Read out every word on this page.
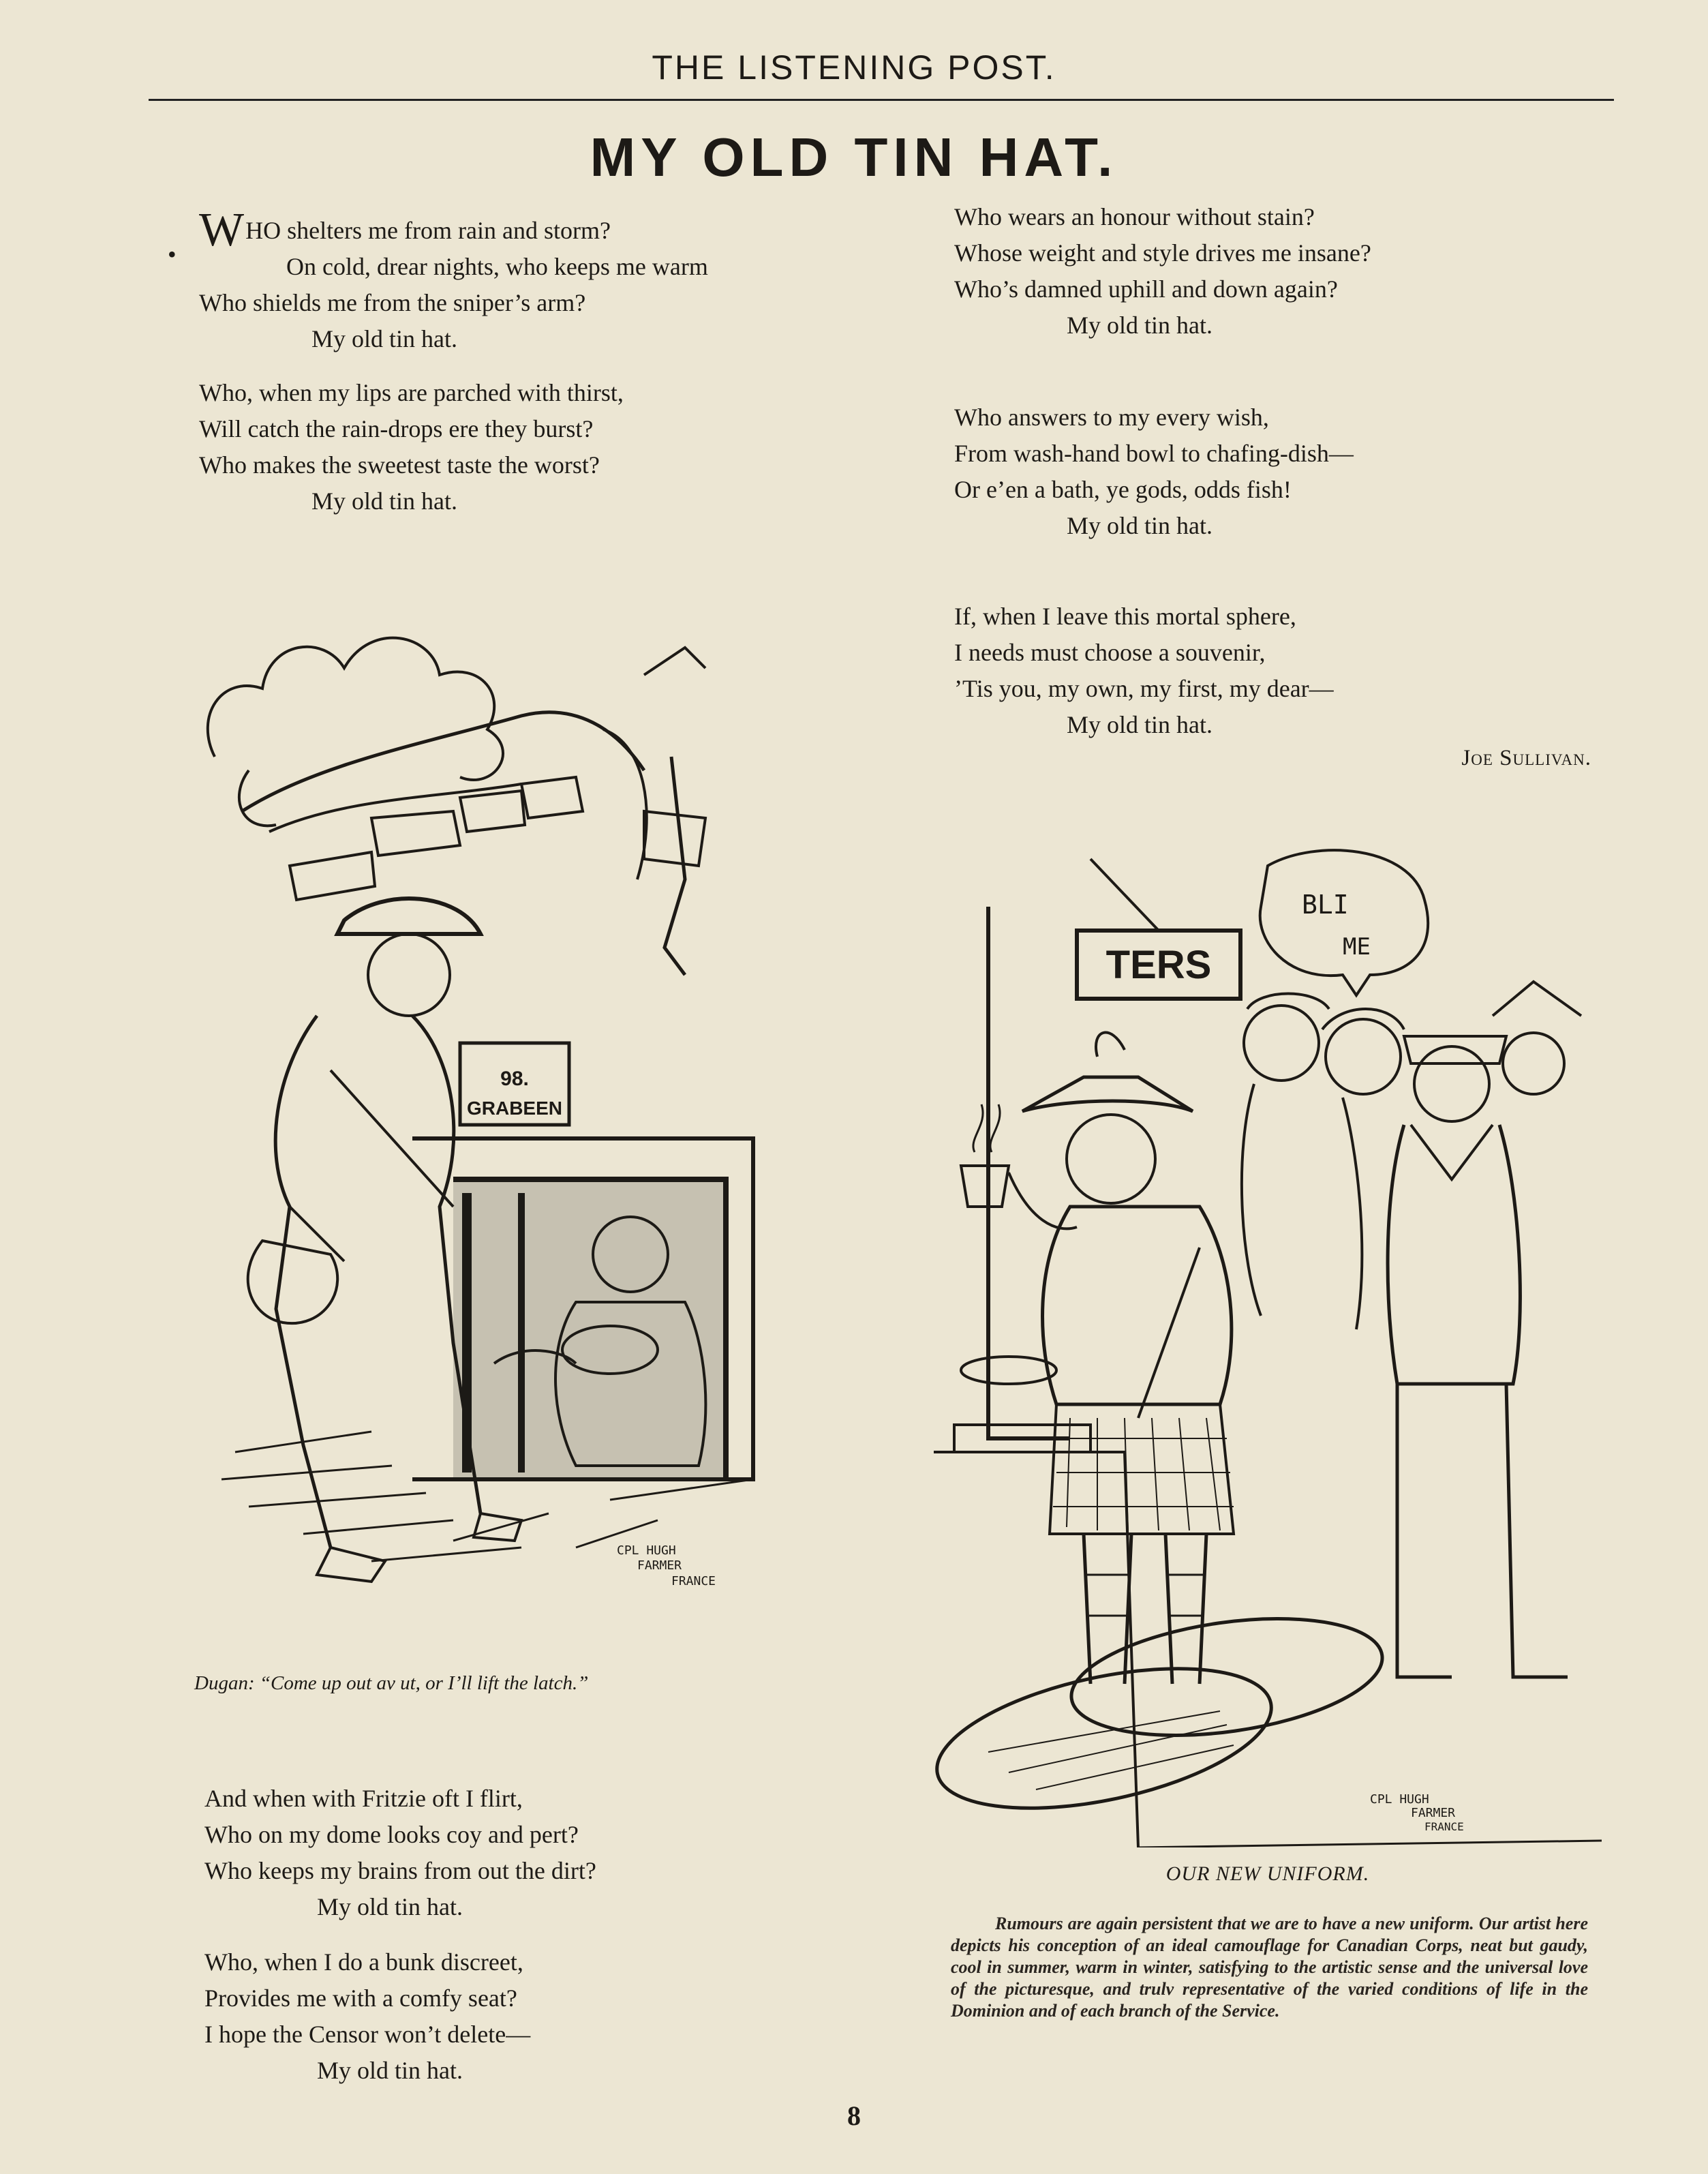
THE LISTENING POST.
MY OLD TIN HAT.
• WHO shelters me from rain and storm?
On cold, drear nights, who keeps me warm
Who shields me from the sniper’s arm?
My old tin hat.
Who, when my lips are parched with thirst,
Will catch the rain-drops ere they burst?
Who makes the sweetest taste the worst?
My old tin hat.
And when with Fritzie oft I flirt,
Who on my dome looks coy and pert?
Who keeps my brains from out the dirt?
My old tin hat.
Who, when I do a bunk discreet,
Provides me with a comfy seat?
I hope the Censor won’t delete—
My old tin hat.
Who wears an honour without stain?
Whose weight and style drives me insane?
Who’s damned uphill and down again?
My old tin hat.
Who answers to my every wish,
From wash-hand bowl to chafing-dish—
Or e’en a bath, ye gods, odds fish!
My old tin hat.
If, when I leave this mortal sphere,
I needs must choose a souvenir,
’Tis you, my own, my first, my dear—
My old tin hat.
Joe Sullivan.
98.
GRABEEN
CPL HUGH
FARMER
FRANCE
Dugan: “Come up out av ut, or I’ll lift the latch.”
TERS
BLI
ME
CPL HUGH
FARMER
FRANCE
OUR NEW UNIFORM.
Rumours are again persistent that we are to have a new uniform. Our artist here depicts his conception of an ideal camouflage for Canadian Corps, neat but gaudy, cool in summer, warm in winter, satisfying to the artistic sense and the universal love of the picturesque, and trulv representative of the varied conditions of life in the Dominion and of each branch of the Service.
8
